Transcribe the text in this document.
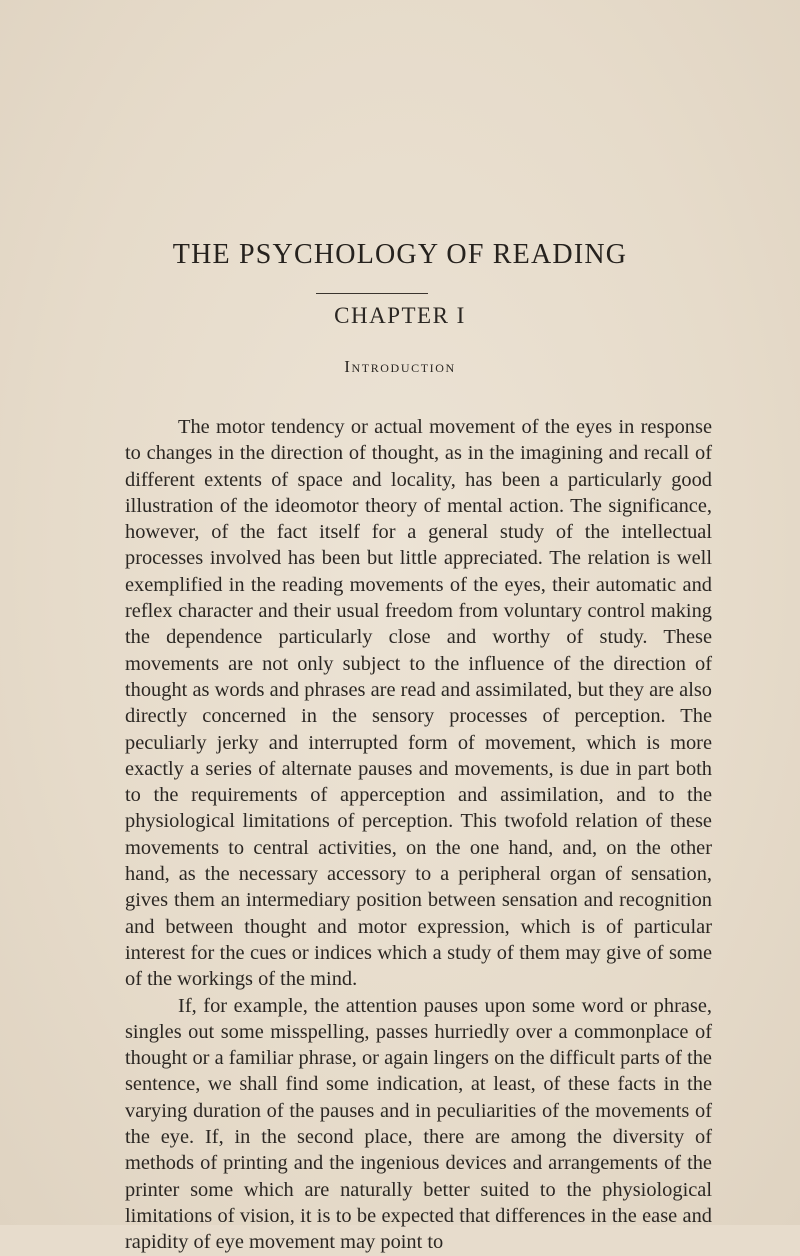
THE PSYCHOLOGY OF READING
CHAPTER I
Introduction

The motor tendency or actual movement of the eyes in response to changes in the direction of thought, as in the imagining and recall of different extents of space and locality, has been a particularly good illustration of the ideomotor theory of mental action. The significance, however, of the fact itself for a general study of the intellectual processes involved has been but little appreciated. The relation is well exemplified in the reading movements of the eyes, their automatic and reflex character and their usual freedom from voluntary control making the dependence particularly close and worthy of study. These movements are not only subject to the influence of the direction of thought as words and phrases are read and assimilated, but they are also directly concerned in the sensory processes of perception. The peculiarly jerky and interrupted form of movement, which is more exactly a series of alternate pauses and movements, is due in part both to the requirements of apperception and assimilation, and to the physiological limitations of perception. This twofold relation of these movements to central activities, on the one hand, and, on the other hand, as the necessary accessory to a peripheral organ of sensation, gives them an intermediary position between sensation and recognition and between thought and motor expression, which is of particular interest for the cues or indices which a study of them may give of some of the workings of the mind.

If, for example, the attention pauses upon some word or phrase, singles out some misspelling, passes hurriedly over a commonplace of thought or a familiar phrase, or again lingers on the difficult parts of the sentence, we shall find some indication, at least, of these facts in the varying duration of the pauses and in peculiarities of the movements of the eye. If, in the second place, there are among the diversity of methods of printing and the ingenious devices and arrangements of the printer some which are naturally better suited to the physiological limitations of vision, it is to be expected that differences in the ease and rapidity of eye movement may point to
